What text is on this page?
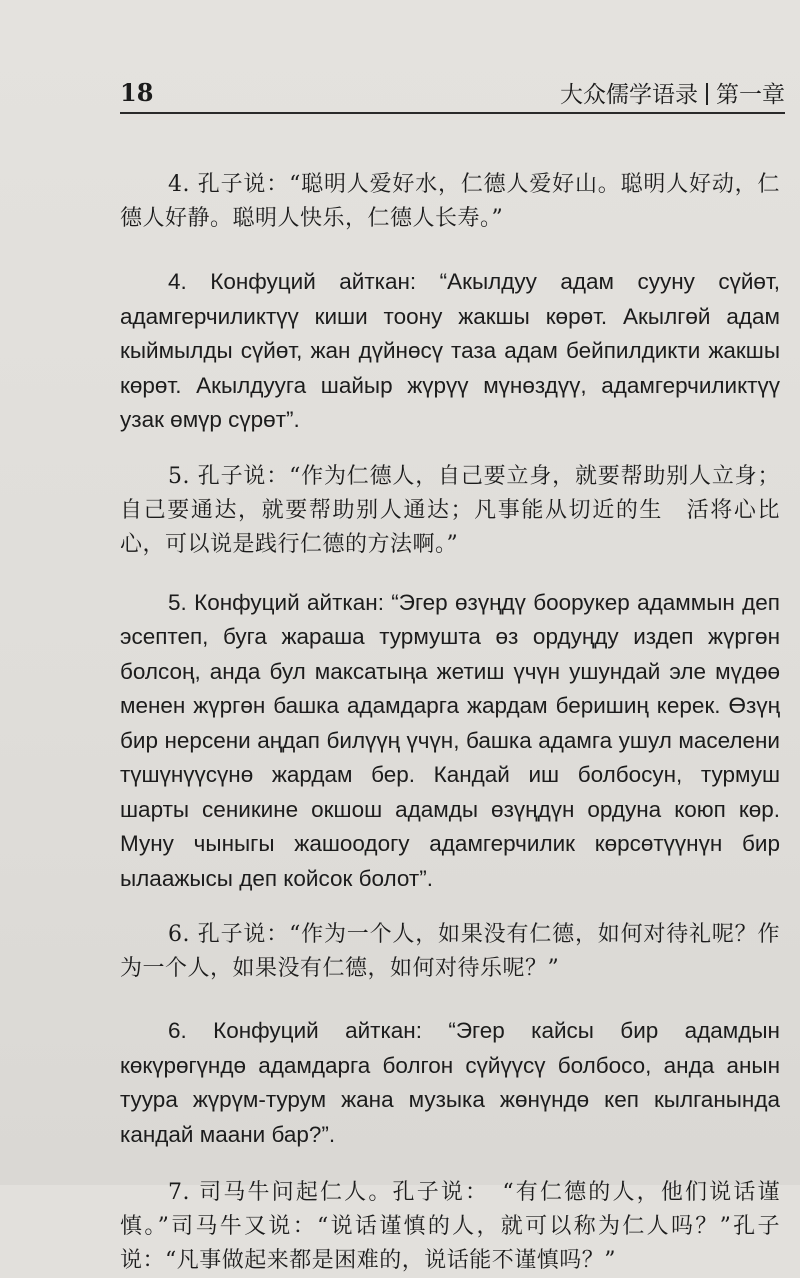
18	大众儒学语录 第一章

4. 孔子说：“聪明人爱好水，仁德人爱好山。聪明人好动，仁德人好静。聪明人快乐，仁德人长寿。”

4. Конфуций айткан: “Акылдуу адам сууну сүйөт, адамгерчиликтүү киши тоону жакшы көрөт. Акылгөй адам кыймылды сүйөт, жан дүйнөсү таза адам бейпилдикти жакшы көрөт. Акылдууга шайыр жүрүү мүнөздүү, адамгерчиликтүү узак өмүр сүрөт”.

5. 孔子说：“作为仁德人，自己要立身，就要帮助别人立身；自己要通达，就要帮助别人通达；凡事能从切近的生　活将心比心，可以说是践行仁德的方法啊。”

5. Конфуций айткан: “Эгер өзүңдү боорукер адаммын деп эсептеп, буга жараша турмушта өз ордуңду издеп жүргөн болсоң, анда бул максатыңа жетиш үчүн ушундай эле мүдөө менен жүргөн башка адамдарга жардам беришиң керек. Өзүң бир нерсени аңдап билүүң үчүн, башка адамга ушул маселени түшүнүүсүнө жардам бер. Кандай иш болбосун, турмуш шарты сеникине окшош адамды өзүңдүн ордуна коюп көр. Муну чыныгы жашоодогу адамгерчилик көрсөтүүнүн бир ылаажысы деп койсок болот”.

6. 孔子说：“作为一个人，如果没有仁德，如何对待礼呢？作为一个人，如果没有仁德，如何对待乐呢？”

6. Конфуций айткан: “Эгер кайсы бир адамдын көкүрөгүндө адамдарга болгон сүйүүсү болбосо, анда анын туура жүрүм-турум жана музыка жөнүндө кеп кылганында кандай маани бар?”.

7. 司马牛问起仁人。孔子说：　“有仁德的人，他们说话谨慎。”司马牛又说：“说话谨慎的人，就可以称为仁人吗？”孔子说：“凡事做起来都是困难的，说话能不谨慎吗？”
